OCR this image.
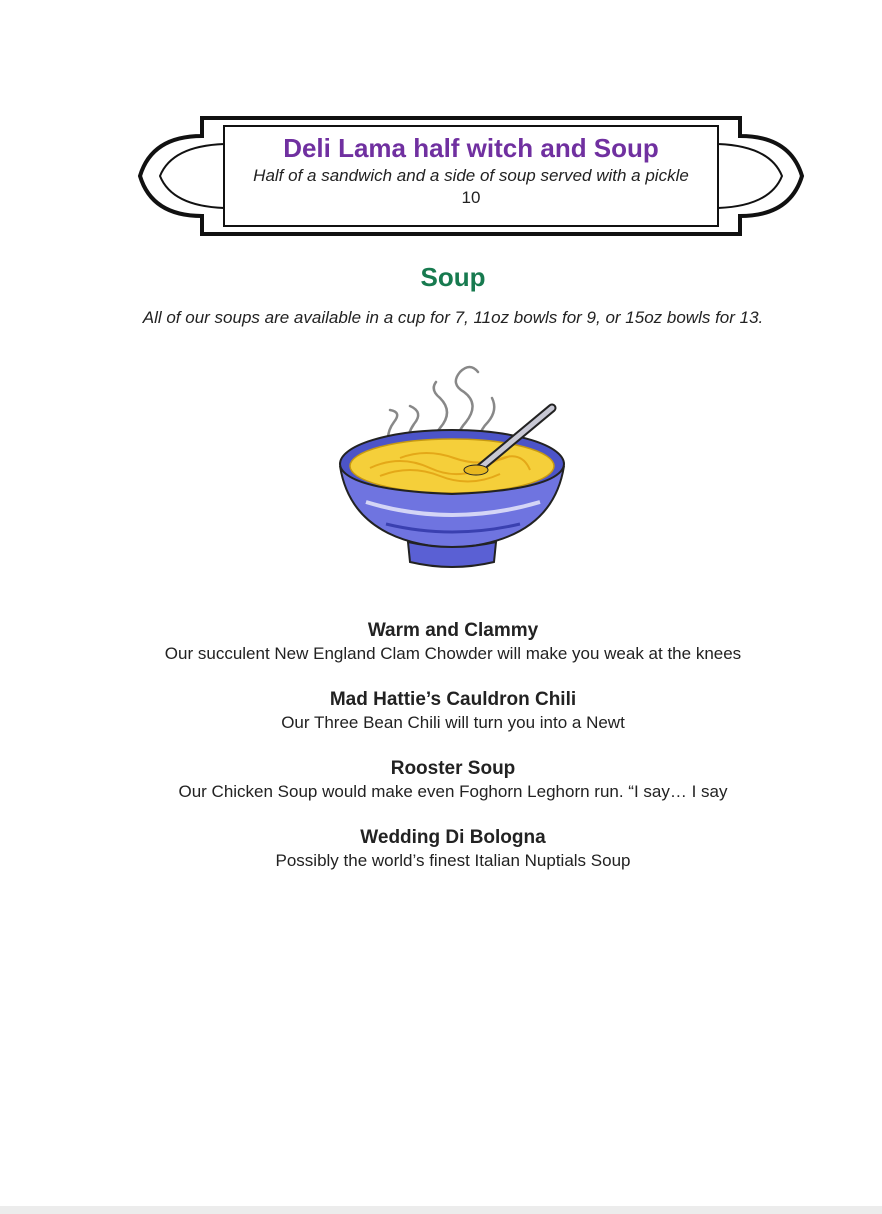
Deli Lama half witch and Soup
Half of a sandwich and a side of soup served with a pickle
10
Soup
All of our soups are available in a cup for 7, 11oz bowls for 9, or 15oz bowls for 13.
Warm and Clammy
Our succulent New England Clam Chowder will make you weak at the knees
Mad Hattie’s Cauldron Chili
Our Three Bean Chili will turn you into a Newt
Rooster Soup
Our Chicken Soup would make even Foghorn Leghorn run. “I say… I say
Wedding Di Bologna
Possibly the world’s finest Italian Nuptials Soup
